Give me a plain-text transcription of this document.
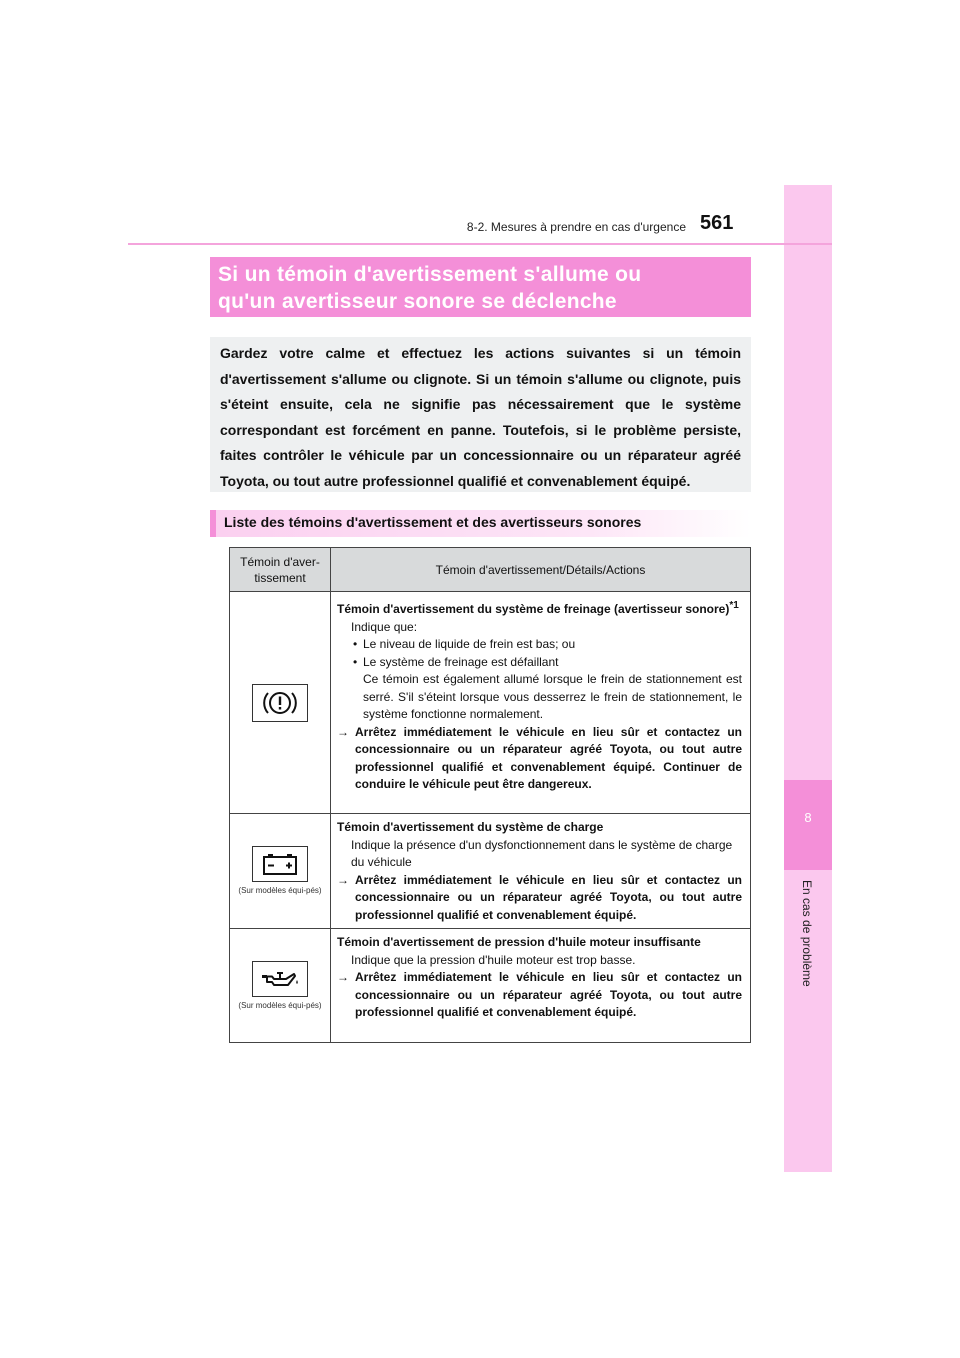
8
En cas de problème
8-2. Mesures à prendre en cas d'urgence 561
Si un témoin d'avertissement s'allume ou
qu'un avertisseur sonore se déclenche

Gardez votre calme et effectuez les actions suivantes si un témoin d'avertissement s'allume ou clignote. Si un témoin s'allume ou clignote, puis s'éteint ensuite, cela ne signifie pas nécessairement que le système correspondant est forcément en panne. Toutefois, si le problème persiste, faites contrôler le véhicule par un concessionnaire ou un réparateur agréé Toyota, ou tout autre professionnel qualifié et convenablement équipé.

Liste des témoins d'avertissement et des avertisseurs sonores
Témoin d'aver-tissement
Témoin d'avertissement/Détails/Actions
Témoin d'avertissement du système de freinage (avertisseur sonore)$^{*1}$
Indique que:
• Le niveau de liquide de frein est bas; ou
• Le système de freinage est défaillant
Ce témoin est également allumé lorsque le frein de stationnement est serré. S'il s'éteint lorsque vous desserrez le frein de stationnement, le système fonctionne normalement.
→ Arrêtez immédiatement le véhicule en lieu sûr et contactez un concessionnaire ou un réparateur agréé Toyota, ou tout autre professionnel qualifié et convenablement équipé. Continuer de conduire le véhicule peut être dangereux.
(Sur modèles équi-pés)
Témoin d'avertissement du système de charge
Indique la présence d'un dysfonctionnement dans le système de charge du véhicule
→ Arrêtez immédiatement le véhicule en lieu sûr et contactez un concessionnaire ou un réparateur agréé Toyota, ou tout autre professionnel qualifié et convenablement équipé.
(Sur modèles équi-pés)
Témoin d'avertissement de pression d'huile moteur insuffisante
Indique que la pression d'huile moteur est trop basse.
→ Arrêtez immédiatement le véhicule en lieu sûr et contactez un concessionnaire ou un réparateur agréé Toyota, ou tout autre professionnel qualifié et convenablement équipé.
